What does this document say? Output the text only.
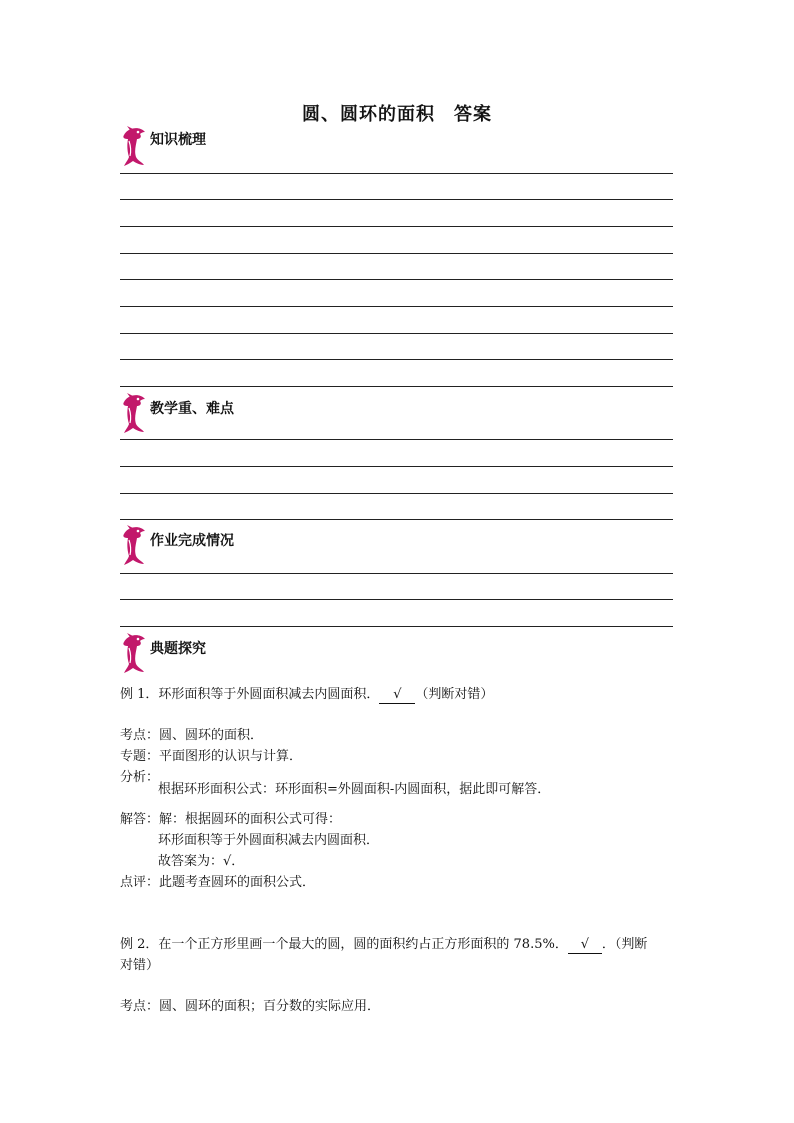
圆、圆环的面积　答案
知识梳理
教学重、难点
作业完成情况
典题探究
例 1．环形面积等于外圆面积减去内圆面积． √ （判断对错）
考点：圆、圆环的面积．
专题：平面图形的认识与计算．
分析：
根据环形面积公式：环形面积=外圆面积-内圆面积，据此即可解答．
解答：解：根据圆环的面积公式可得：
环形面积等于外圆面积减去内圆面积．
故答案为：√．
点评：此题考查圆环的面积公式．
例 2．在一个正方形里画一个最大的圆，圆的面积约占正方形面积的 78.5%． √ ．（判断
对错）
考点：圆、圆环的面积；百分数的实际应用．
